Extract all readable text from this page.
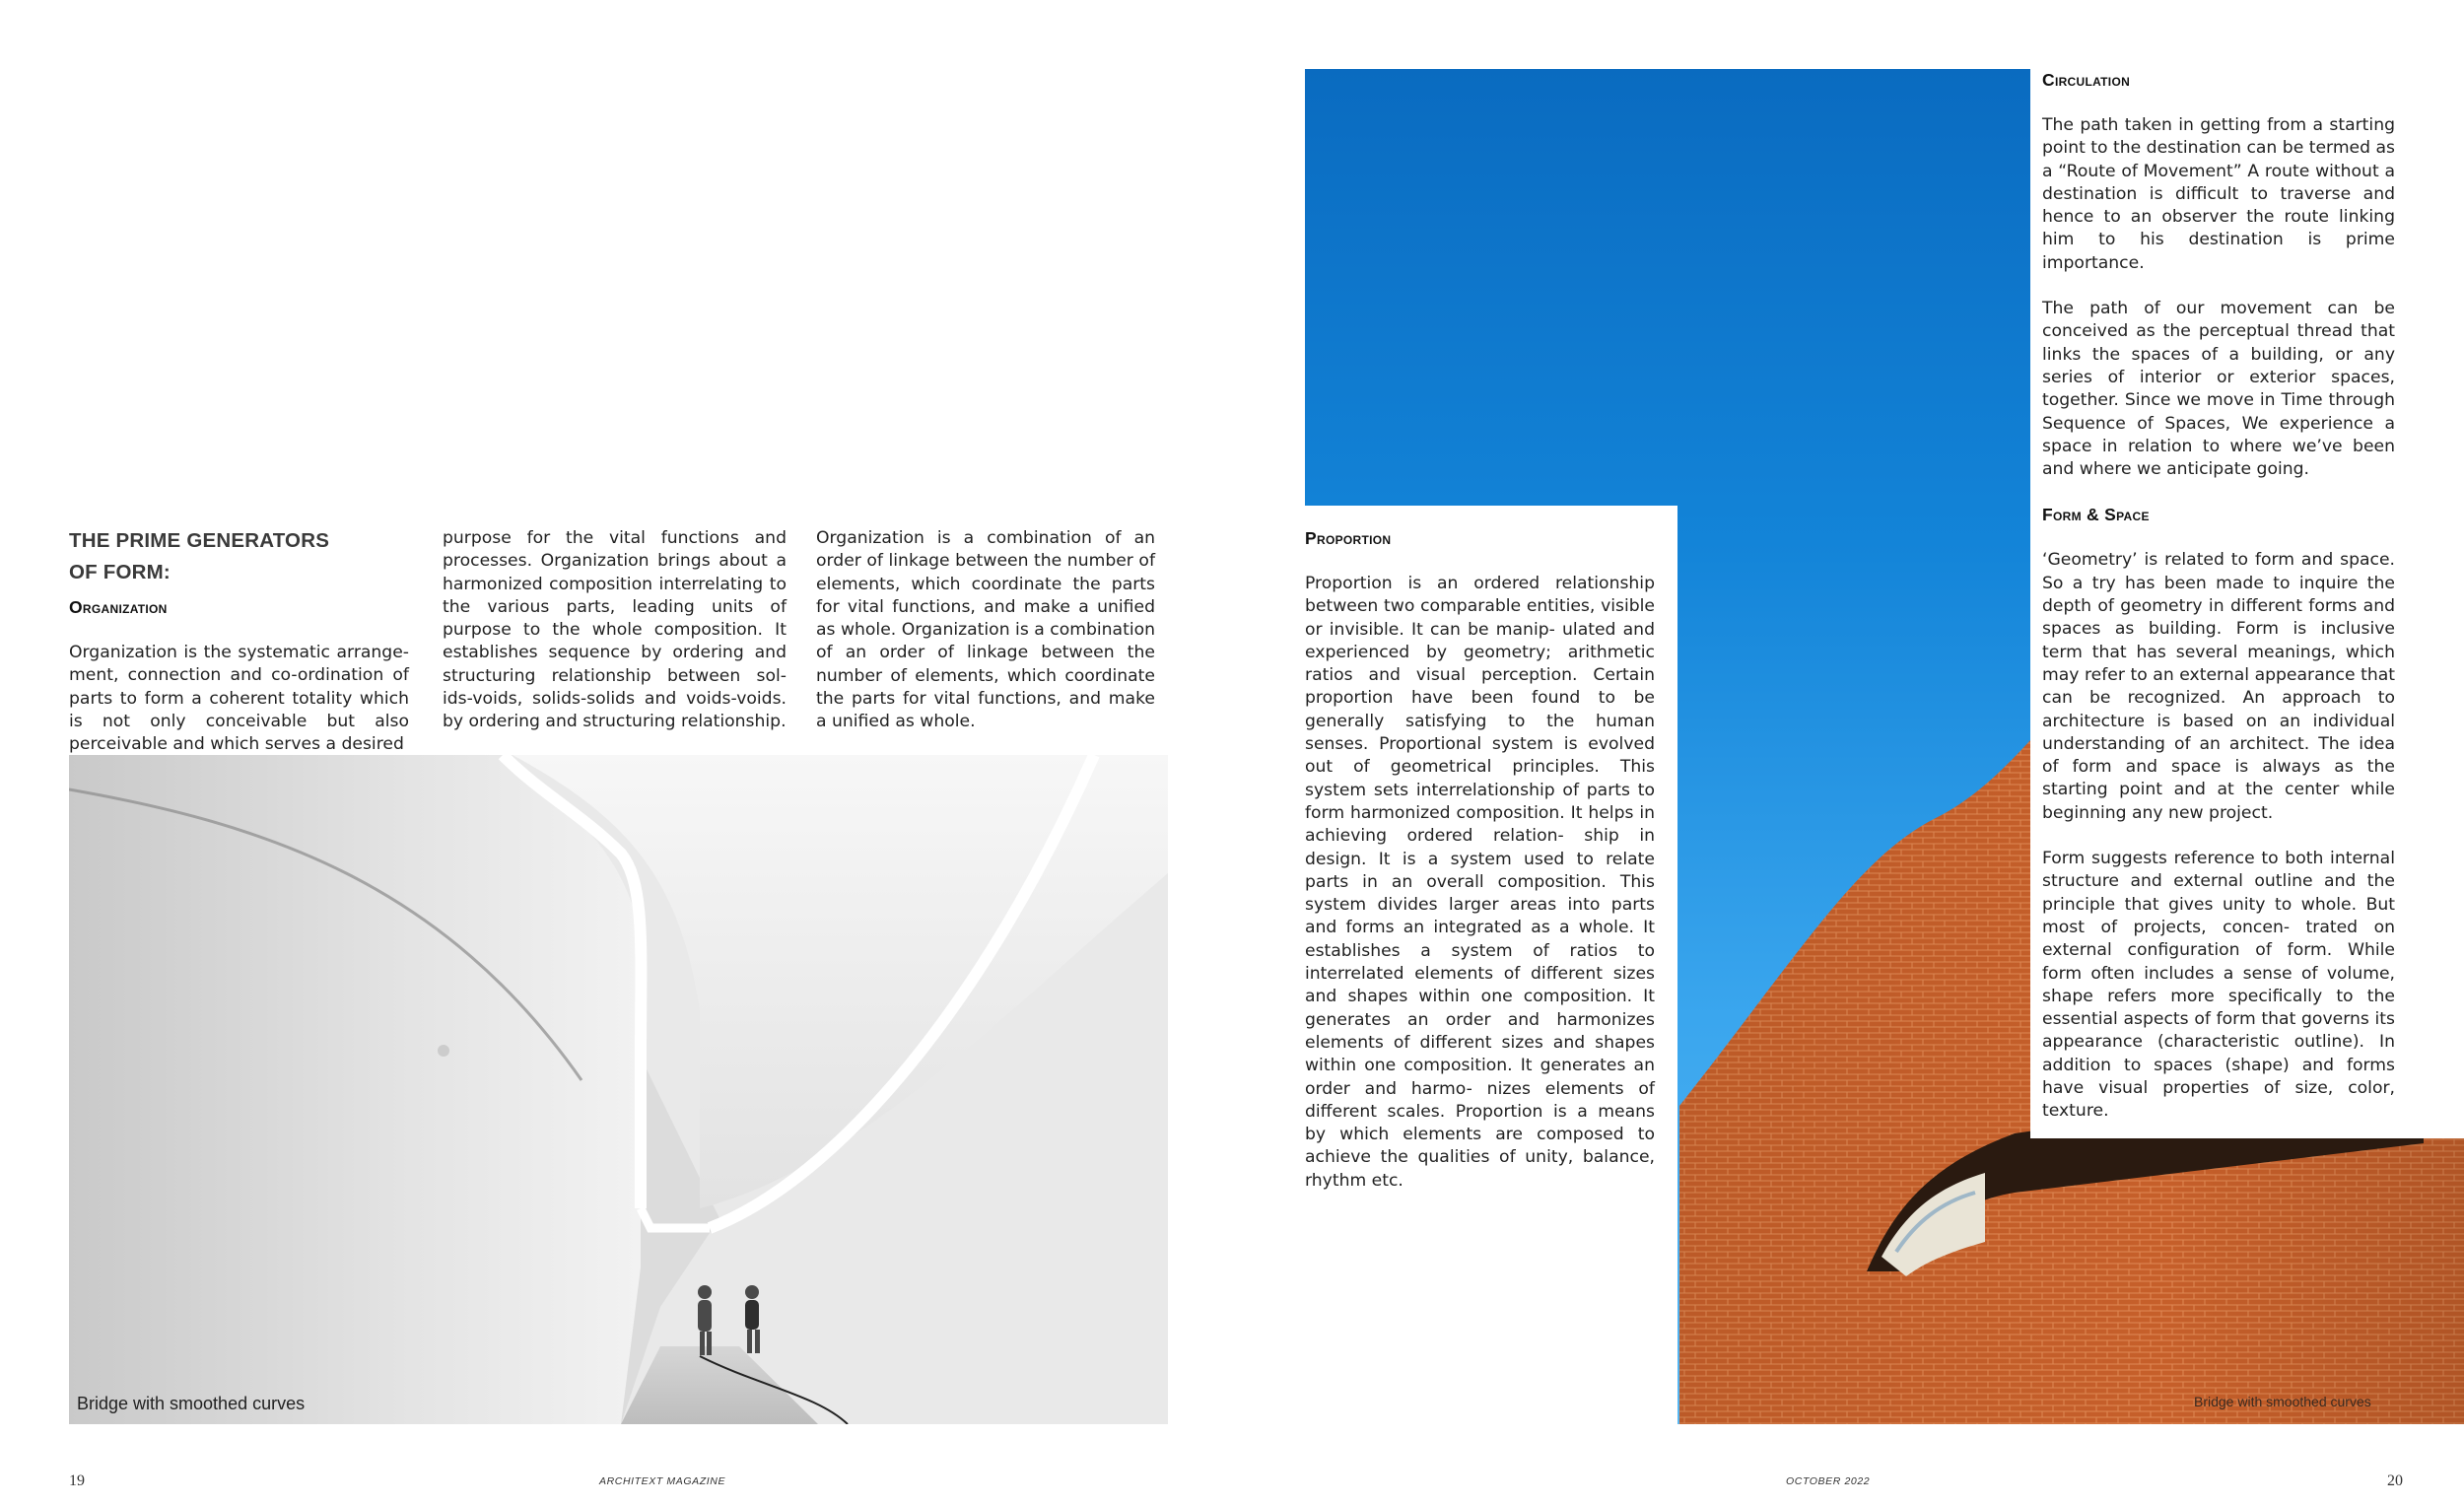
THE PRIME GENERATORS
OF FORM:

Organization

Organization is the systematic arrange- ment, connection and co-ordination of parts to form a coherent totality which is not only conceivable but also perceivable and which serves a desired

purpose for the vital functions and processes. Organization brings about a harmonized composition interrelating to the various parts, leading units of purpose to the whole composition. It establishes sequence by ordering and structuring relationship between sol- ids-voids, solids-solids and voids-voids. by ordering and structuring relationship.

Organization is a combination of an order of linkage between the number of elements, which coordinate the parts for vital functions, and make a unified as whole. Organization is a combination of an order of linkage between the number of elements, which coordinate the parts for vital functions, and make a unified as whole.

Bridge with smoothed curves
19	ARCHITEXT MAGAZINE

Proportion

Proportion is an ordered relationship between two comparable entities, visible or invisible. It can be manip- ulated and experienced by geometry; arithmetic ratios and visual perception. Certain proportion have been found to be generally satisfying to the human senses. Proportional system is evolved out of geometrical principles. This system sets interrelationship of parts to form harmonized composition. It helps in achieving ordered relation- ship in design. It is a system used to relate parts in an overall composition. This system divides larger areas into parts and forms an integrated as a whole. It establishes a system of ratios to interrelated elements of different sizes and shapes within one composition. It generates an order and harmonizes elements of different sizes and shapes within one composition. It generates an order and harmo- nizes elements of different scales. Proportion is a means by which elements are composed to achieve the qualities of unity, balance, rhythm etc.

Circulation

The path taken in getting from a starting point to the destination can be termed as a “Route of Movement” A route without a destination is difficult to traverse and hence to an observer the route linking him to his destination is prime importance.

The path of our movement can be conceived as the perceptual thread that links the spaces of a building, or any series of interior or exterior spaces, together. Since we move in Time through Sequence of Spaces, We experience a space in relation to where we’ve been and where we anticipate going.

Form & Space

‘Geometry’ is related to form and space. So a try has been made to inquire the depth of geometry in different forms and spaces as building. Form is inclusive term that has several meanings, which may refer to an external appearance that can be recognized. An approach to architecture is based on an individual understanding of an architect. The idea of form and space is always as the starting point and at the center while beginning any new project.

Form suggests reference to both internal structure and external outline and the principle that gives unity to whole. But most of projects, concen- trated on external configuration of form. While form often includes a sense of volume, shape refers more specifically to the essential aspects of form that governs its appearance (characteristic outline). In addition to spaces (shape) and forms have visual properties of size, color, texture.

Bridge with smoothed curves
OCTOBER 2022	20
